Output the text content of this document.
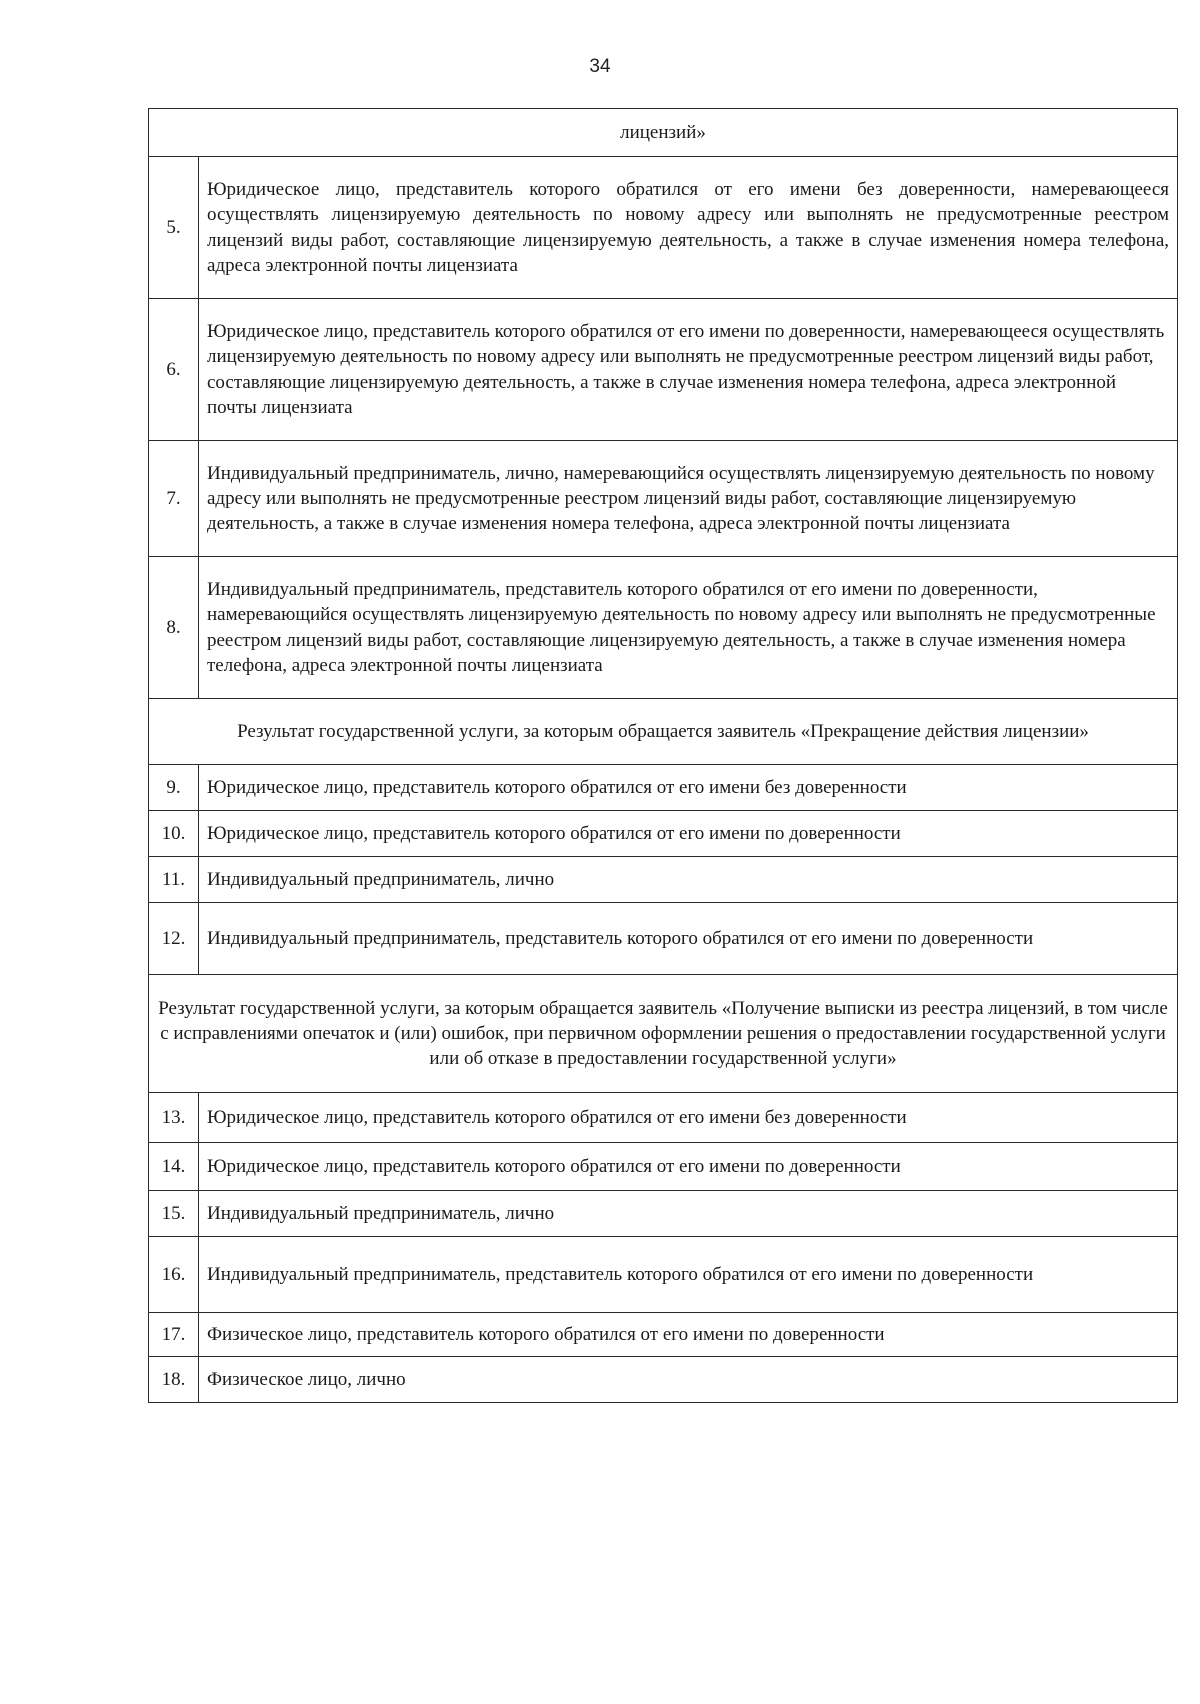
34
лицензий»	
5.	Юридическое лицо, представитель которого обратился от его имени без доверенности, намеревающееся осуществлять лицензируемую деятельность по новому адресу или выполнять не предусмотренные реестром лицензий виды работ, составляющие лицензируемую деятельность, а также в случае изменения номера телефона, адреса электронной почты лицензиата
6.	Юридическое лицо, представитель которого обратился от его имени по доверенности, намеревающееся осуществлять лицензируемую деятельность по новому адресу или выполнять не предусмотренные реестром лицензий виды работ, составляющие лицензируемую деятельность, а также в случае изменения номера телефона, адреса электронной почты лицензиата
7.	Индивидуальный предприниматель, лично, намеревающийся осуществлять лицензируемую деятельность по новому адресу или выполнять не предусмотренные реестром лицензий виды работ, составляющие лицензируемую деятельность, а также в случае изменения номера телефона, адреса электронной почты лицензиата
8.	Индивидуальный предприниматель, представитель которого обратился от его имени по доверенности, намеревающийся осуществлять лицензируемую деятельность по новому адресу или выполнять не предусмотренные реестром лицензий виды работ, составляющие лицензируемую деятельность, а также в случае изменения номера телефона, адреса электронной почты лицензиата
Результат государственной услуги, за которым обращается заявитель «Прекращение действия лицензии»	
9.	Юридическое лицо, представитель которого обратился от его имени без доверенности
10.	Юридическое лицо, представитель которого обратился от его имени по доверенности
11.	Индивидуальный предприниматель, лично
12.	Индивидуальный предприниматель, представитель которого обратился от его имени по доверенности
Результат государственной услуги, за которым обращается заявитель «Получение выписки из реестра лицензий, в том числе с исправлениями опечаток и (или) ошибок, при первичном оформлении решения о предоставлении государственной услуги или об отказе в предоставлении государственной услуги»	
13.	Юридическое лицо, представитель которого обратился от его имени без доверенности
14.	Юридическое лицо, представитель которого обратился от его имени по доверенности
15.	Индивидуальный предприниматель, лично
16.	Индивидуальный предприниматель, представитель которого обратился от его имени по доверенности
17.	Физическое лицо, представитель которого обратился от его имени по доверенности
18.	Физическое лицо, лично
